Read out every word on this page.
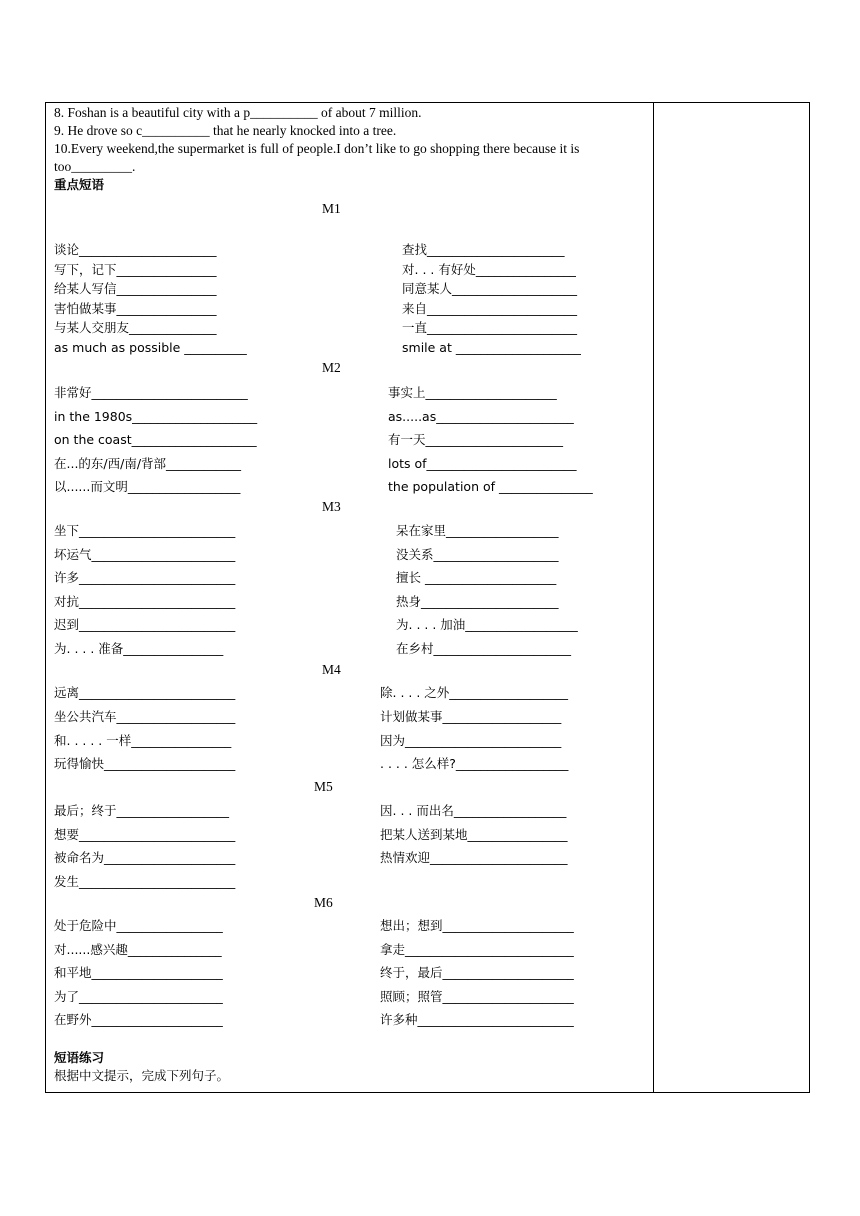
8. Foshan is a beautiful city with a p__________ of about 7 million.
9. He drove so c__________ that he nearly knocked into a tree.
10.Every weekend,the supermarket is full of people.I don’t like to go shopping there because it is
too_________.
重点短语
M1
谈论______________________	查找______________________
写下，记下________________	对. . . 有好处________________
给某人写信________________	同意某人____________________
害怕做某事________________	来自________________________
与某人交朋友______________	一直________________________
as much as possible __________	smile at ____________________
M2
非常好_________________________	事实上_____________________
in the 1980s____________________	as.....as______________________
on the coast____________________	有一天______________________
在...的东/西/南/背部____________	lots of________________________
以......而文明__________________	the population of _______________
M3
坐下_________________________	呆在家里__________________
坏运气_______________________	没关系____________________
许多_________________________	擅长 _____________________
对抗_________________________	热身______________________
迟到_________________________	为. . . . 加油__________________
为. . . . 准备________________	在乡村______________________
M4
远离_________________________	除. . . . 之外___________________
坐公共汽车___________________	计划做某事___________________
和. . . . . 一样________________	因为_________________________
玩得愉快_____________________	. . . . 怎么样?__________________
M5
最后；终于__________________	因. . . 而出名__________________
想要_________________________	把某人送到某地________________
被命名为_____________________	热情欢迎______________________
发生_________________________
M6
处于危险中_________________	想出；想到_____________________
对......感兴趣_______________	拿走___________________________
和平地_____________________	终于，最后_____________________
为了_______________________	照顾；照管_____________________
在野外_____________________	许多种_________________________
短语练习
根据中文提示，完成下列句子。
